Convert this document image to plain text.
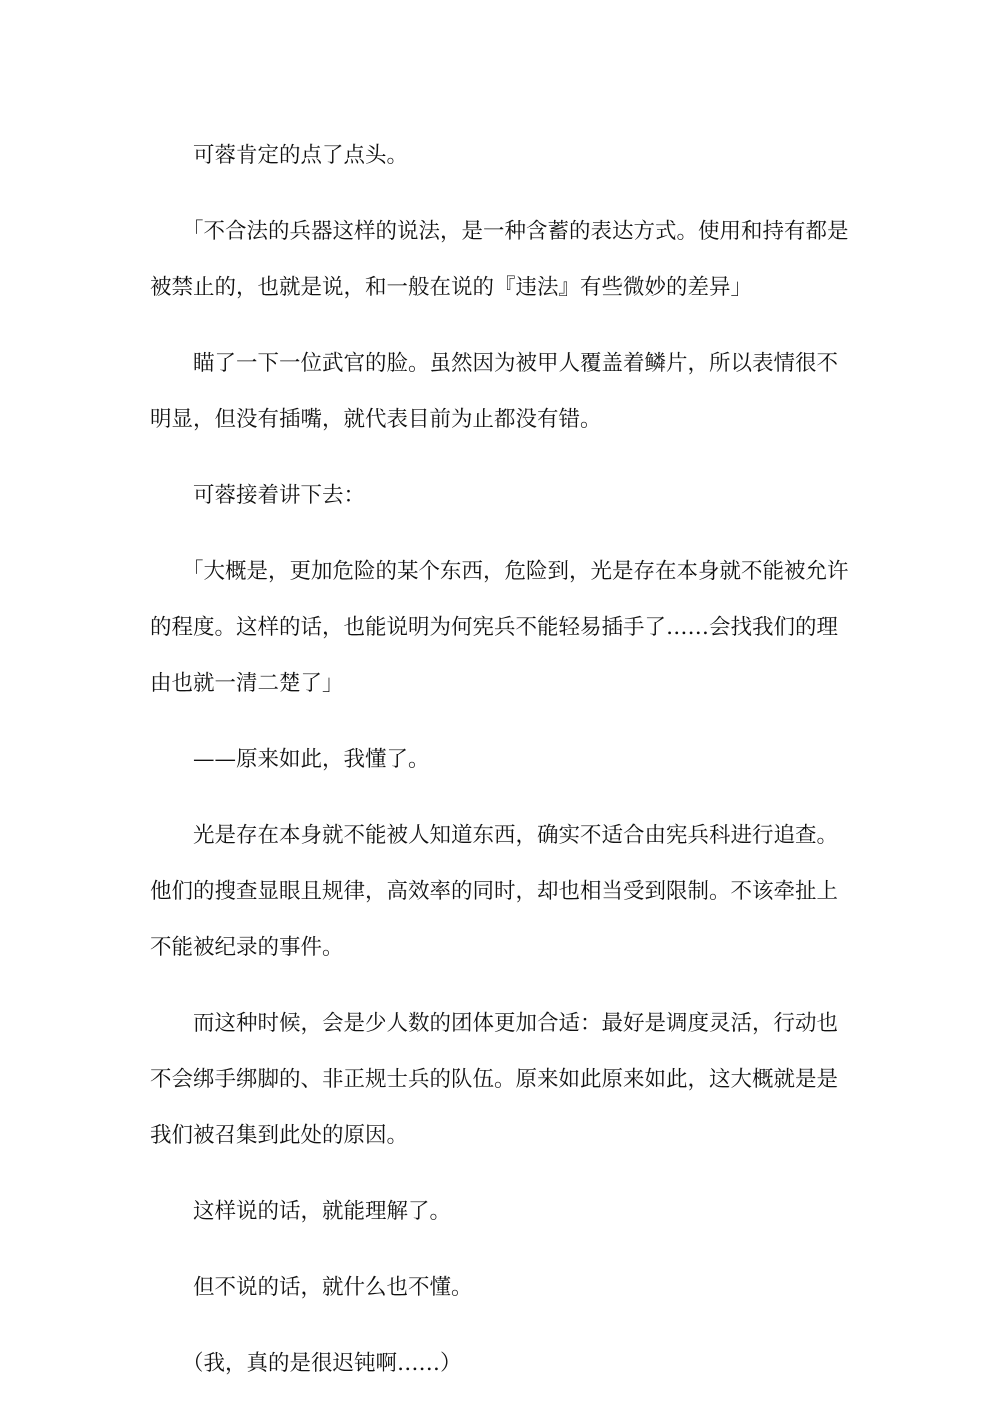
可蓉肯定的点了点头。

「不合法的兵器这样的说法，是一种含蓄的表达方式。使用和持有都是被禁止的，也就是说，和一般在说的『违法』有些微妙的差异」

瞄了一下一位武官的脸。虽然因为被甲人覆盖着鳞片，所以表情很不明显，但没有插嘴，就代表目前为止都没有错。

可蓉接着讲下去：

「大概是，更加危险的某个东西，危险到，光是存在本身就不能被允许的程度。这样的话，也能说明为何宪兵不能轻易插手了……会找我们的理由也就一清二楚了」

——原来如此，我懂了。

光是存在本身就不能被人知道东西，确实不适合由宪兵科进行追查。他们的搜查显眼且规律，高效率的同时，却也相当受到限制。不该牵扯上不能被纪录的事件。

而这种时候，会是少人数的团体更加合适：最好是调度灵活，行动也不会绑手绑脚的、非正规士兵的队伍。原来如此原来如此，这大概就是是我们被召集到此处的原因。

这样说的话，就能理解了。

但不说的话，就什么也不懂。

（我，真的是很迟钝啊……）
